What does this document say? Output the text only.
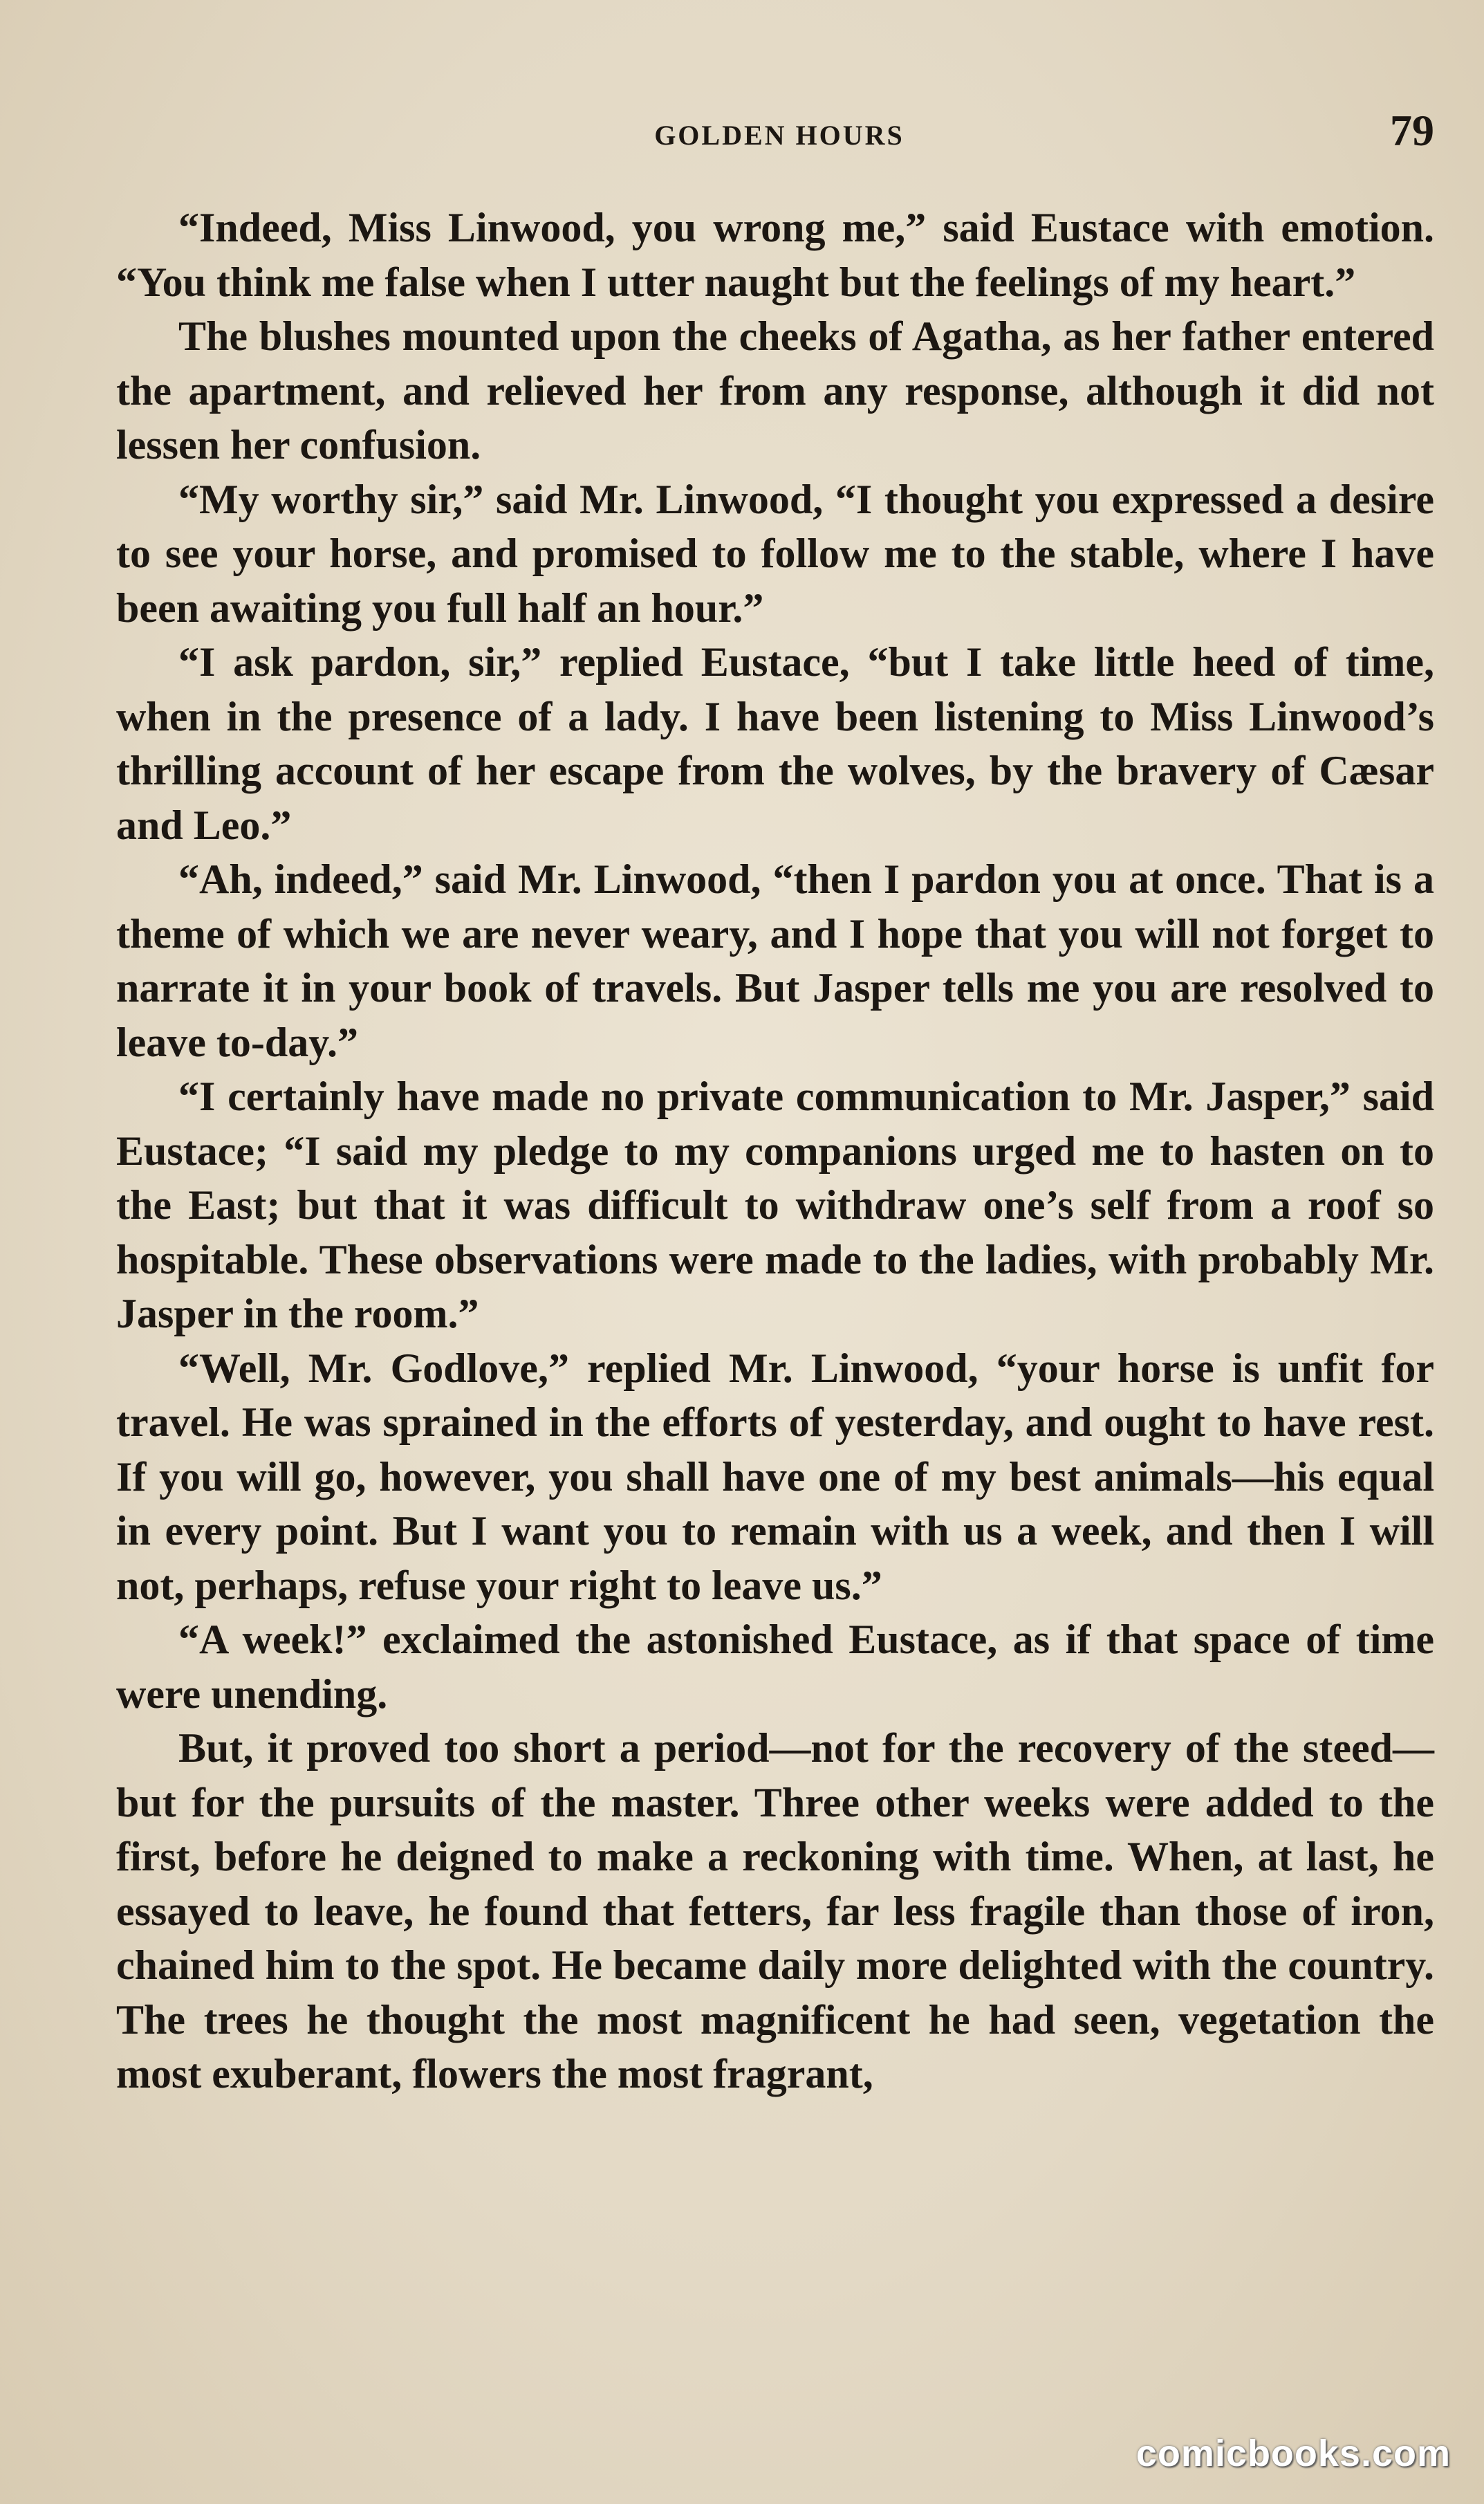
GOLDEN HOURS	79

“Indeed, Miss Linwood, you wrong me,” said Eustace with emotion. “You think me false when I utter naught but the feelings of my heart.”

The blushes mounted upon the cheeks of Agatha, as her father entered the apartment, and relieved her from any response, although it did not lessen her confusion.

“My worthy sir,” said Mr. Linwood, “I thought you expressed a desire to see your horse, and promised to follow me to the stable, where I have been awaiting you full half an hour.”

“I ask pardon, sir,” replied Eustace, “but I take little heed of time, when in the presence of a lady. I have been listening to Miss Linwood’s thrilling account of her escape from the wolves, by the bravery of Cæsar and Leo.”

“Ah, indeed,” said Mr. Linwood, “then I pardon you at once. That is a theme of which we are never weary, and I hope that you will not forget to narrate it in your book of travels. But Jasper tells me you are resolved to leave to-day.”

“I certainly have made no private communication to Mr. Jasper,” said Eustace; “I said my pledge to my companions urged me to hasten on to the East; but that it was difficult to withdraw one’s self from a roof so hospitable. These observations were made to the ladies, with probably Mr. Jasper in the room.”

“Well, Mr. Godlove,” replied Mr. Linwood, “your horse is unfit for travel. He was sprained in the efforts of yesterday, and ought to have rest. If you will go, however, you shall have one of my best animals—his equal in every point. But I want you to remain with us a week, and then I will not, perhaps, refuse your right to leave us.”

“A week!” exclaimed the astonished Eustace, as if that space of time were unending.

But, it proved too short a period—not for the recovery of the steed—but for the pursuits of the master. Three other weeks were added to the first, before he deigned to make a reckoning with time. When, at last, he essayed to leave, he found that fetters, far less fragile than those of iron, chained him to the spot. He became daily more delighted with the country. The trees he thought the most magnificent he had seen, vegetation the most exuberant, flowers the most fragrant,

comicbooks.com
